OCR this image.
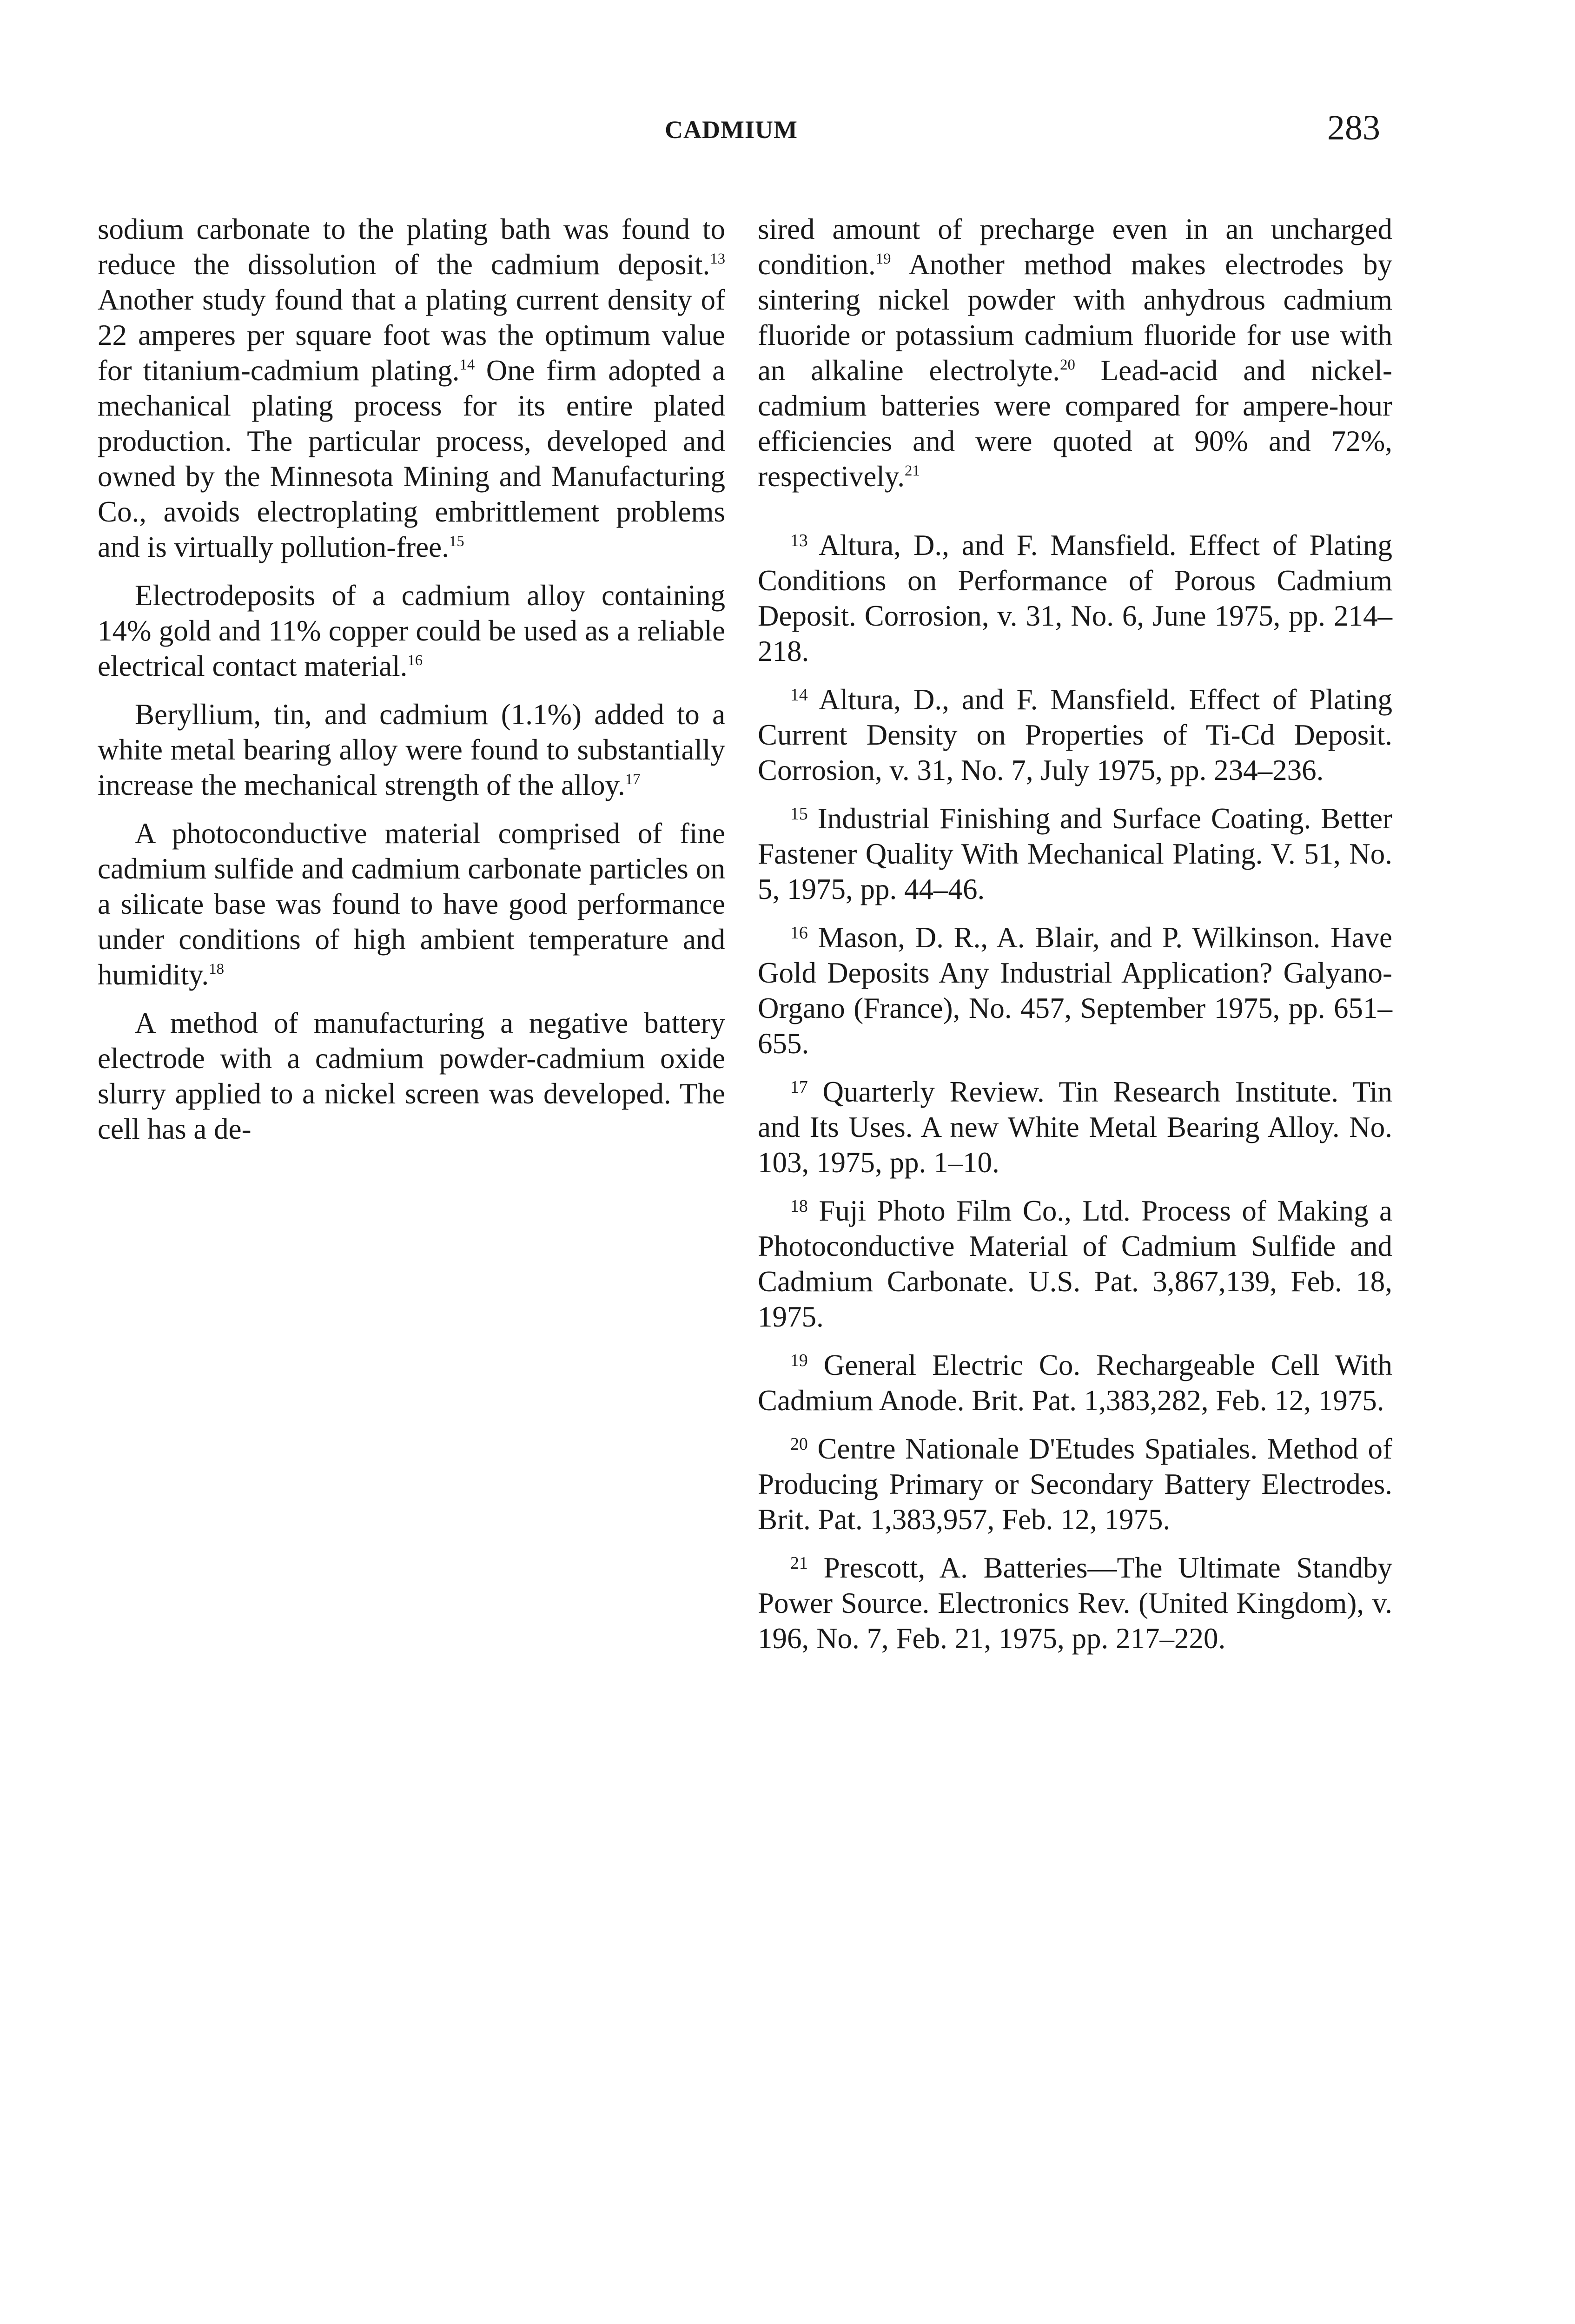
CADMIUM	283

sodium carbonate to the plating bath was found to reduce the dissolution of the cadmium deposit.$^{13}$ Another study found that a plating current density of 22 amperes per square foot was the optimum value for titanium-cadmium plating.$^{14}$ One firm adopted a mechanical plating process for its entire plated production. The particular process, developed and owned by the Minnesota Mining and Manufacturing Co., avoids electroplating embrittlement problems and is virtually pollution-free.$^{15}$

Electrodeposits of a cadmium alloy containing 14% gold and 11% copper could be used as a reliable electrical contact material.$^{16}$

Beryllium, tin, and cadmium (1.1%) added to a white metal bearing alloy were found to substantially increase the mechanical strength of the alloy.$^{17}$

A photoconductive material comprised of fine cadmium sulfide and cadmium carbonate particles on a silicate base was found to have good performance under conditions of high ambient temperature and humidity.$^{18}$

A method of manufacturing a negative battery electrode with a cadmium powder-cadmium oxide slurry applied to a nickel screen was developed. The cell has a de-

sired amount of precharge even in an uncharged condition.$^{19}$ Another method makes electrodes by sintering nickel powder with anhydrous cadmium fluoride or potassium cadmium fluoride for use with an alkaline electrolyte.$^{20}$ Lead-acid and nickel-cadmium batteries were compared for ampere-hour efficiencies and were quoted at 90% and 72%, respectively.$^{21}$

$^{13}$ Altura, D., and F. Mansfield. Effect of Plating Conditions on Performance of Porous Cadmium Deposit. Corrosion, v. 31, No. 6, June 1975, pp. 214–218.

$^{14}$ Altura, D., and F. Mansfield. Effect of Plating Current Density on Properties of Ti-Cd Deposit. Corrosion, v. 31, No. 7, July 1975, pp. 234–236.

$^{15}$ Industrial Finishing and Surface Coating. Better Fastener Quality With Mechanical Plating. V. 51, No. 5, 1975, pp. 44–46.

$^{16}$ Mason, D. R., A. Blair, and P. Wilkinson. Have Gold Deposits Any Industrial Application? Galyano-Organo (France), No. 457, September 1975, pp. 651–655.

$^{17}$ Quarterly Review. Tin Research Institute. Tin and Its Uses. A new White Metal Bearing Alloy. No. 103, 1975, pp. 1–10.

$^{18}$ Fuji Photo Film Co., Ltd. Process of Making a Photoconductive Material of Cadmium Sulfide and Cadmium Carbonate. U.S. Pat. 3,867,139, Feb. 18, 1975.

$^{19}$ General Electric Co. Rechargeable Cell With Cadmium Anode. Brit. Pat. 1,383,282, Feb. 12, 1975.

$^{20}$ Centre Nationale D'Etudes Spatiales. Method of Producing Primary or Secondary Battery Electrodes. Brit. Pat. 1,383,957, Feb. 12, 1975.

$^{21}$ Prescott, A. Batteries—The Ultimate Standby Power Source. Electronics Rev. (United Kingdom), v. 196, No. 7, Feb. 21, 1975, pp. 217–220.
